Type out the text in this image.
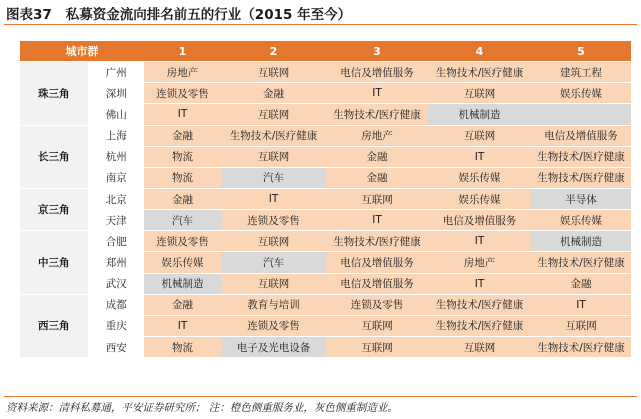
图表37 私募资金流向排名前五的行业（2015 年至今）
城市群		1	2	3	4	5
珠三角	广州	房地产	互联网	电信及增值服务	生物技术/医疗健康	建筑工程
	深圳	连锁及零售	金融	IT	互联网	娱乐传媒
	佛山	IT	互联网	生物技术/医疗健康	机械制造	
长三角	上海	金融	生物技术/医疗健康	房地产	互联网	电信及增值服务
	杭州	物流	互联网	金融	IT	生物技术/医疗健康
	南京	物流	汽车	金融	娱乐传媒	生物技术/医疗健康
京三角	北京	金融	IT	互联网	娱乐传媒	半导体
	天津	汽车	连锁及零售	IT	电信及增值服务	娱乐传媒
中三角	合肥	连锁及零售	互联网	生物技术/医疗健康	IT	机械制造
	郑州	娱乐传媒	汽车	电信及增值服务	房地产	生物技术/医疗健康
	武汉	机械制造	互联网	电信及增值服务	IT	金融
西三角	成都	金融	教育与培训	连锁及零售	生物技术/医疗健康	IT
	重庆	IT	连锁及零售	互联网	生物技术/医疗健康	互联网
	西安	物流	电子及光电设备	互联网	互联网	生物技术/医疗健康
资料来源：清科私募通，平安证券研究所； 注：橙色侧重服务业，灰色侧重制造业。
